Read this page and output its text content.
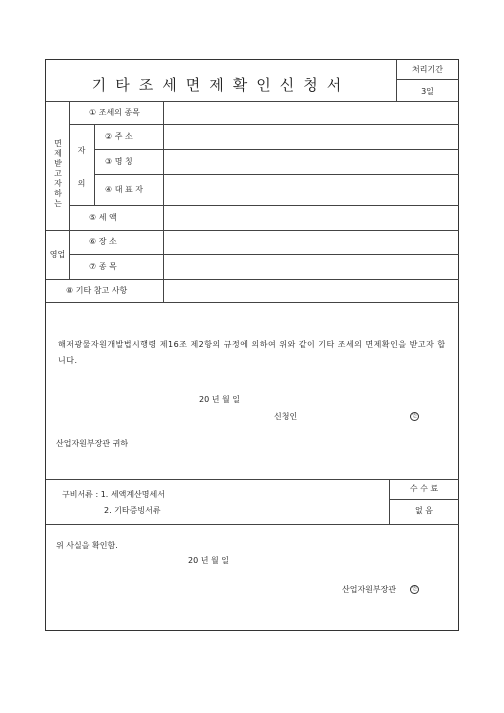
기타조세면제확인신청서
처리기간
3일
면제받고자하는
자
의
영업
① 조세의 종목
② 주 소
③ 명 칭
④ 대 표 자
⑤ 세 액
⑥ 장 소
⑦ 종 목
⑧ 기타 참고 사항
해저광물자원개발법시행령 제16조 제2항의 규정에 의하여 위와 같이 기타 조세의 면제확인을 받고자 합니다.
20 년 월 일
신청인	인
산업자원부장관 귀하
구비서류 : 1. 세액계산명세서
2. 기타증빙서류
수 수 료
없 음
위 사실을 확인함.
20 년 월 일
산업자원부장관	인
